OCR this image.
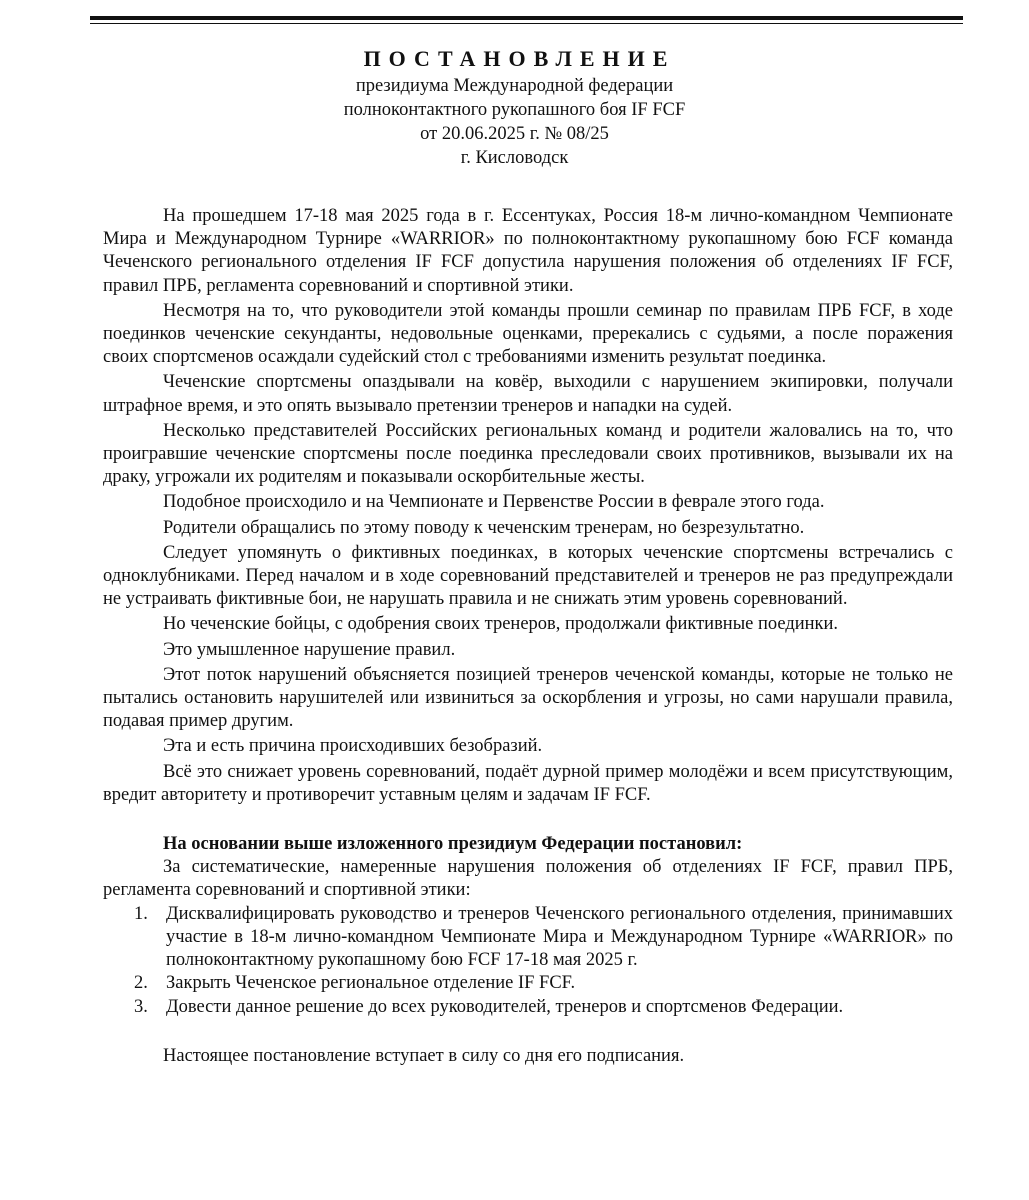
ПОСТАНОВЛЕНИЕ
президиума Международной федерации
полноконтактного рукопашного боя IF FCF
от 20.06.2025 г. № 08/25
г. Кисловодск

На прошедшем 17-18 мая 2025 года в г. Ессентуках, Россия 18-м лично-командном Чемпионате Мира и Международном Турнире «WARRIOR» по полноконтактному рукопашному бою FCF команда Чеченского регионального отделения IF FCF допустила нарушения положения об отделениях IF FCF, правил ПРБ, регламента соревнований и спортивной этики.

Несмотря на то, что руководители этой команды прошли семинар по правилам ПРБ FCF, в ходе поединков чеченские секунданты, недовольные оценками, пререкались с судьями, а после поражения своих спортсменов осаждали судейский стол с требованиями изменить результат поединка.

Чеченские спортсмены опаздывали на ковёр, выходили с нарушением экипировки, получали штрафное время, и это опять вызывало претензии тренеров и нападки на судей.

Несколько представителей Российских региональных команд и родители жаловались на то, что проигравшие чеченские спортсмены после поединка преследовали своих противников, вызывали их на драку, угрожали их родителям и показывали оскорбительные жесты.

Подобное происходило и на Чемпионате и Первенстве России в феврале этого года.

Родители обращались по этому поводу к чеченским тренерам, но безрезультатно.

Следует упомянуть о фиктивных поединках, в которых чеченские спортсмены встречались с одноклубниками. Перед началом и в ходе соревнований представителей и тренеров не раз предупреждали не устраивать фиктивные бои, не нарушать правила и не снижать этим уровень соревнований.

Но чеченские бойцы, с одобрения своих тренеров, продолжали фиктивные поединки.

Это умышленное нарушение правил.

Этот поток нарушений объясняется позицией тренеров чеченской команды, которые не только не пытались остановить нарушителей или извиниться за оскорбления и угрозы, но сами нарушали правила, подавая пример другим.

Эта и есть причина происходивших безобразий.

Всё это снижает уровень соревнований, подаёт дурной пример молодёжи и всем присутствующим, вредит авторитету и противоречит уставным целям и задачам IF FCF.

На основании выше изложенного президиум Федерации постановил:

За систематические, намеренные нарушения положения об отделениях IF FCF, правил ПРБ, регламента соревнований и спортивной этики:

1. Дисквалифицировать руководство и тренеров Чеченского регионального отделения, принимавших участие в 18-м лично-командном Чемпионате Мира и Международном Турнире «WARRIOR» по полноконтактному рукопашному бою FCF 17-18 мая 2025 г.
2. Закрыть Чеченское региональное отделение IF FCF.
3. Довести данное решение до всех руководителей, тренеров и спортсменов Федерации.

Настоящее постановление вступает в силу со дня его подписания.
